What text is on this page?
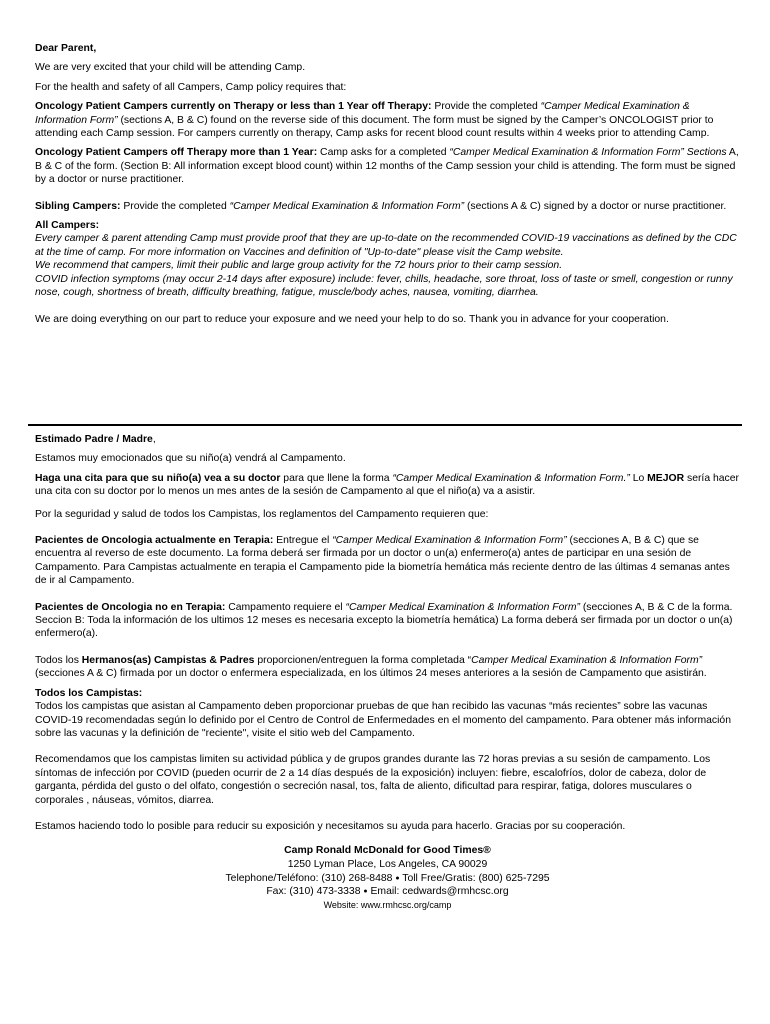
Dear Parent,

We are very excited that your child will be attending Camp.

For the health and safety of all Campers, Camp policy requires that:

Oncology Patient Campers currently on Therapy or less than 1 Year off Therapy: Provide the completed “Camper Medical Examination & Information Form” (sections A, B & C) found on the reverse side of this document. The form must be signed by the Camper’s ONCOLOGIST prior to attending each Camp session. For campers currently on therapy, Camp asks for recent blood count results within 4 weeks prior to attending Camp.

Oncology Patient Campers off Therapy more than 1 Year: Camp asks for a completed “Camper Medical Examination & Information Form” Sections A, B & C of the form. (Section B: All information except blood count) within 12 months of the Camp session your child is attending. The form must be signed by a doctor or nurse practitioner.

Sibling Campers: Provide the completed “Camper Medical Examination & Information Form” (sections A & C) signed by a doctor or nurse practitioner.

All Campers:

Every camper & parent attending Camp must provide proof that they are up-to-date on the recommended COVID-19 vaccinations as defined by the CDC at the time of camp. For more information on Vaccines and definition of "Up-to-date" please visit the Camp website.

We recommend that campers, limit their public and large group activity for the 72 hours prior to their camp session.

COVID infection symptoms (may occur 2-14 days after exposure) include: fever, chills, headache, sore throat, loss of taste or smell, congestion or runny nose, cough, shortness of breath, difficulty breathing, fatigue, muscle/body aches, nausea, vomiting, diarrhea.

We are doing everything on our part to reduce your exposure and we need your help to do so. Thank you in advance for your cooperation.

Estimado Padre / Madre,

Estamos muy emocionados que su niño(a) vendrá al Campamento.

Haga una cita para que su niño(a) vea a su doctor para que llene la forma “Camper Medical Examination & Information Form.” Lo MEJOR sería hacer una cita con su doctor por lo menos un mes antes de la sesión de Campamento al que el niño(a) va a asistir.

Por la seguridad y salud de todos los Campistas, los reglamentos del Campamento requieren que:

Pacientes de Oncologia actualmente en Terapia: Entregue el “Camper Medical Examination & Information Form” (secciones A, B & C) que se encuentra al reverso de este documento. La forma deberá ser firmada por un doctor o un(a) enfermero(a) antes de participar en una sesión de Campamento. Para Campistas actualmente en terapia el Campamento pide la biometría hemática más reciente dentro de las últimas 4 semanas antes de ir al Campamento.

Pacientes de Oncologia no en Terapia: Campamento requiere el “Camper Medical Examination & Information Form” (secciones A, B & C de la forma. Seccion B: Toda la información de los ultimos 12 meses es necesaria excepto la biometría hemática) La forma deberá ser firmada por un doctor o un(a) enfermero(a).

Todos los Hermanos(as) Campistas & Padres proporcionen/entreguen la forma completada “Camper Medical Examination & Information Form” (secciones A & C) firmada por un doctor o enfermera especializada, en los últimos 24 meses anteriores a la sesión de Campamento que asistirán.

Todos los Campistas:

Todos los campistas que asistan al Campamento deben proporcionar pruebas de que han recibido las vacunas “más recientes” sobre las vacunas COVID-19 recomendadas según lo definido por el Centro de Control de Enfermedades en el momento del campamento. Para obtener más información sobre las vacunas y la definición de "reciente", visite el sitio web del Campamento.

Recomendamos que los campistas limiten su actividad pública y de grupos grandes durante las 72 horas previas a su sesión de campamento. Los síntomas de infección por COVID (pueden ocurrir de 2 a 14 días después de la exposición) incluyen: fiebre, escalofríos, dolor de cabeza, dolor de garganta, pérdida del gusto o del olfato, congestión o secreción nasal, tos, falta de aliento, dificultad para respirar, fatiga, dolores musculares o corporales , náuseas, vómitos, diarrea.

Estamos haciendo todo lo posible para reducir su exposición y necesitamos su ayuda para hacerlo. Gracias por su cooperación.

Camp Ronald McDonald for Good Times®

1250 Lyman Place, Los Angeles, CA 90029

Telephone/Teléfono: (310) 268-8488 ● Toll Free/Gratis: (800) 625-7295

Fax: (310) 473-3338 ● Email: cedwards@rmhcsc.org

Website: www.rmhcsc.org/camp
